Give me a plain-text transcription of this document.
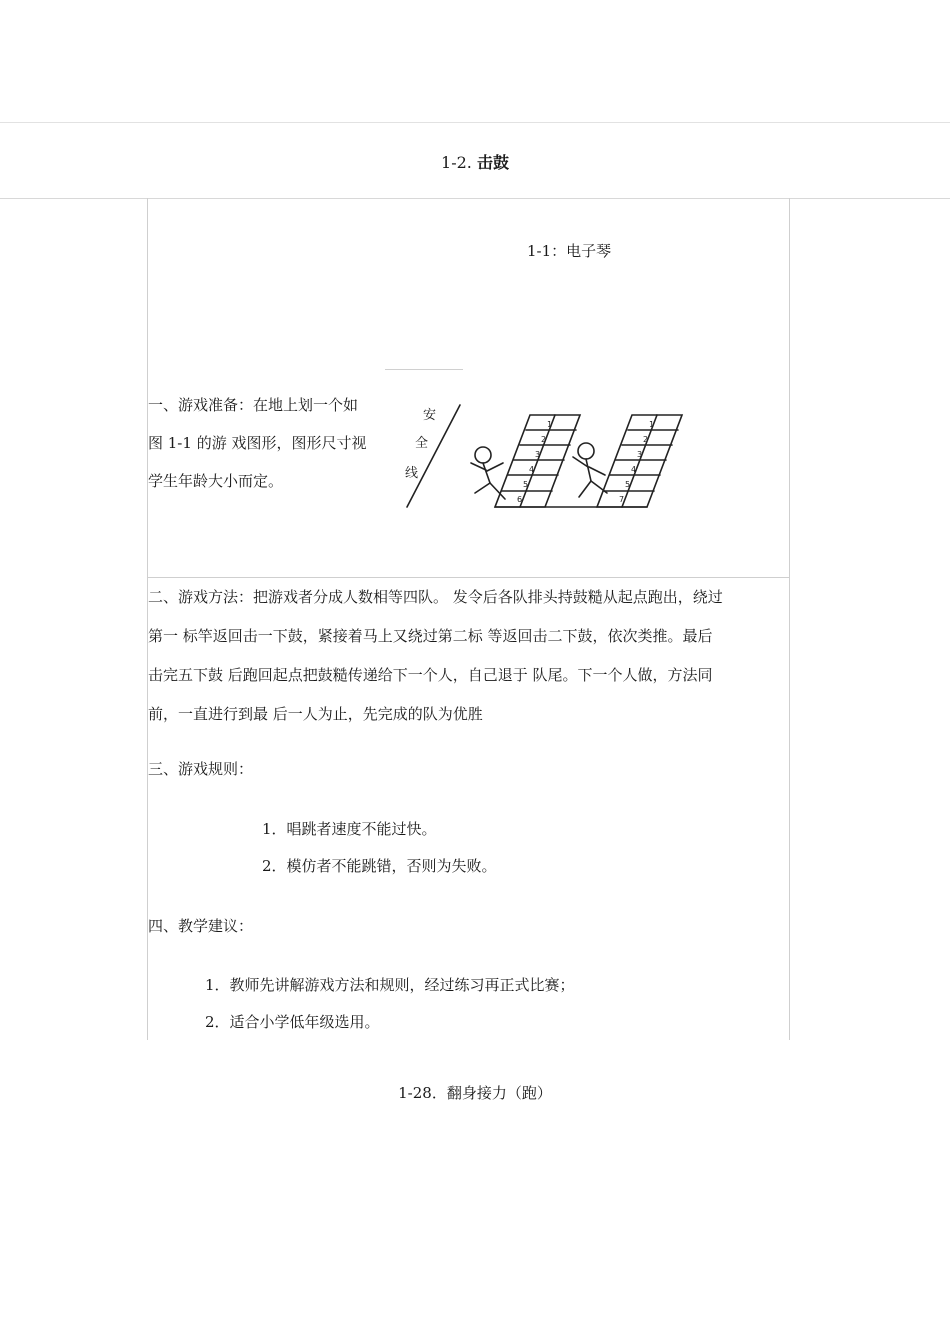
1-2. 击鼓
1-1：电子琴
一、游戏准备：在地上划一个如
图 1-1 的游 戏图形，图形尺寸视
学生年龄大小而定。
安
全
线
1
2
3
4
5
6
1
2
3
4
5
7
二、游戏方法：把游戏者分成人数相等四队。 发令后各队排头持鼓糙从起点跑出，绕过
第一 标竿返回击一下鼓，紧接着马上又绕过第二标 等返回击二下鼓，依次类推。最后
击完五下鼓 后跑回起点把鼓糙传递给下一个人，自己退于 队尾。下一个人做，方法同
前，一直进行到最 后一人为止，先完成的队为优胜
三、游戏规则：
1．唱跳者速度不能过快。
2．模仿者不能跳错，否则为失败。
四、教学建议：
1．教师先讲解游戏方法和规则，经过练习再正式比赛；
2．适合小学低年级选用。
1-28．翻身接力（跑）
